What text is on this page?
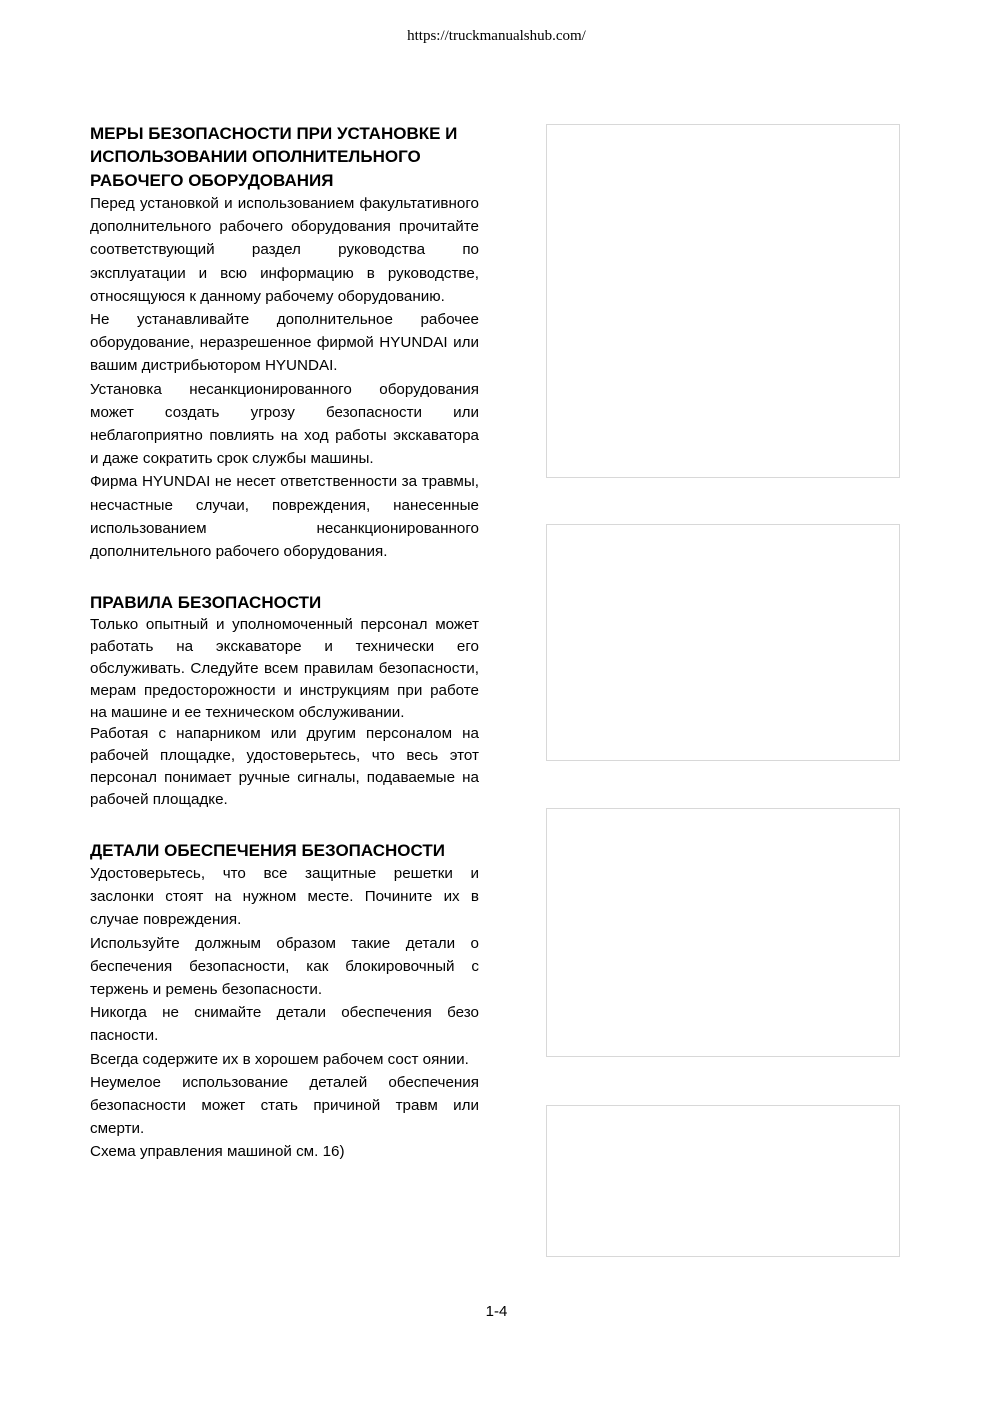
https://truckmanualshub.com/
МЕРЫ БЕЗОПАСНОСТИ ПРИ УСТАНОВКЕ И ИСПОЛЬЗОВАНИИ ОПОЛНИТЕЛЬНОГО РАБОЧЕГО ОБОРУДОВАНИЯ

Перед установкой и использованием факультативного дополнительного рабочего оборудования прочитайте соответствующий раздел руководства по эксплуатации и всю информацию в руководстве, относящуюся к данному рабочему оборудованию.

Не устанавливайте дополнительное рабочее оборудование, неразрешенное фирмой HYUNDAI или вашим дистрибьютором HYUNDAI.

Установка несанкционированного оборудования может создать угрозу безопасности или неблагоприятно повлиять на ход работы экскаватора и даже сократить срок службы машины.

Фирма HYUNDAI не несет ответственности за травмы, несчастные случаи, повреждения, нанесенные использованием несанкционированного дополнительного рабочего оборудования.

ПРАВИЛА БЕЗОПАСНОСТИ

Только опытный и уполномоченный персонал может работать на экскаваторе и технически его обслуживать. Следуйте всем правилам безопасности, мерам предосторожности и инструкциям при работе на машине и ее техническом обслуживании.

Работая с напарником или другим персоналом на рабочей площадке, удостоверьтесь, что весь этот персонал понимает ручные сигналы, подаваемые на рабочей площадке.

ДЕТАЛИ ОБЕСПЕЧЕНИЯ БЕЗОПАСНОСТИ

Удостоверьтесь, что все защитные решетки и заслонки стоят на нужном месте. Почините их в случае повреждения.

Используйте должным образом такие детали о беспечения безопасности, как блокировочный с тержень и ремень безопасности.

Никогда не снимайте детали обеспечения безо пасности.

Всегда содержите их в хорошем рабочем сост оянии.

Неумелое использование деталей обеспечения безопасности может стать причиной травм или смерти.

Схема управления машиной см. 16)

1-4
